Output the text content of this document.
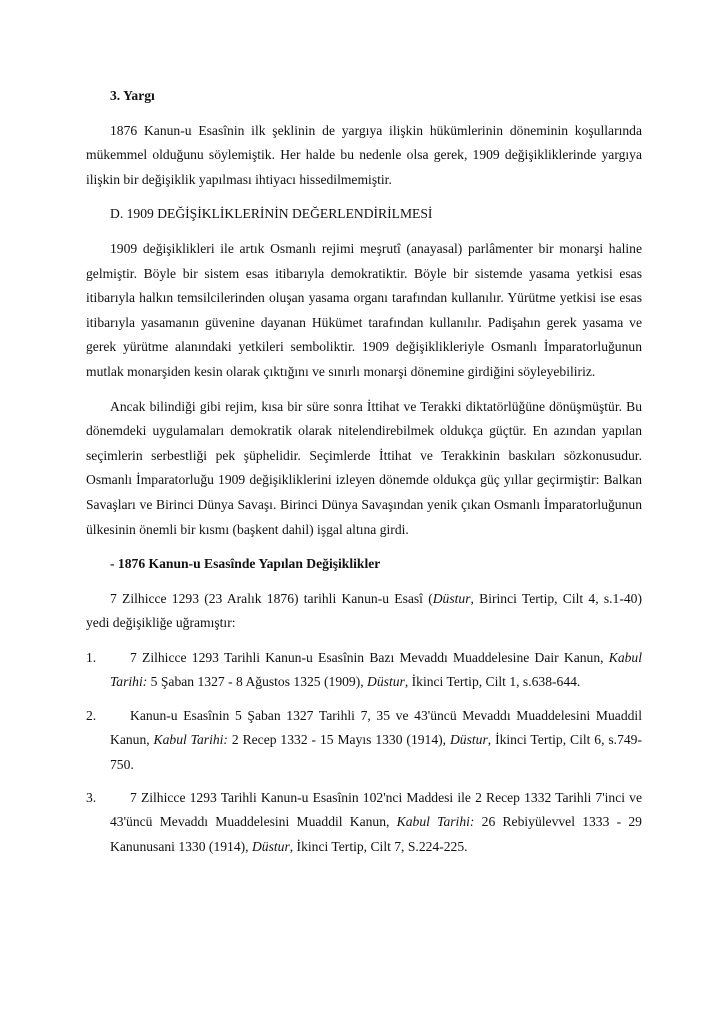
3. Yargı
1876 Kanun-u Esasînin ilk şeklinin de yargıya ilişkin hükümlerinin döneminin koşullarında mükemmel olduğunu söylemiştik. Her halde bu nedenle olsa gerek, 1909 değişikliklerinde yargıya ilişkin bir değişiklik yapılması ihtiyacı hissedilmemiştir.
D. 1909 DEĞİŞİKLİKLERİNİN DEĞERLENDİRİLMESİ
1909 değişiklikleri ile artık Osmanlı rejimi meşrutî (anayasal) parlâmenter bir monarşi haline gelmiştir. Böyle bir sistem esas itibarıyla demokratiktir. Böyle bir sistemde yasama yetkisi esas itibarıyla halkın temsilcilerinden oluşan yasama organı tarafından kullanılır. Yürütme yetkisi ise esas itibarıyla yasamanın güvenine dayanan Hükümet tarafından kullanılır. Padişahın gerek yasama ve gerek yürütme alanındaki yetkileri semboliktir. 1909 değişiklikleriyle Osmanlı İmparatorluğunun mutlak monarşiden kesin olarak çıktığını ve sınırlı monarşi dönemine girdiğini söyleyebiliriz.
Ancak bilindiği gibi rejim, kısa bir süre sonra İttihat ve Terakki diktatörlüğüne dönüşmüştür. Bu dönemdeki uygulamaları demokratik olarak nitelendirebilmek oldukça güçtür. En azından yapılan seçimlerin serbestliği pek şüphelidir. Seçimlerde İttihat ve Terakkinin baskıları sözkonusudur. Osmanlı İmparatorluğu 1909 değişikliklerini izleyen dönemde oldukça güç yıllar geçirmiştir: Balkan Savaşları ve Birinci Dünya Savaşı. Birinci Dünya Savaşından yenik çıkan Osmanlı İmparatorluğunun ülkesinin önemli bir kısmı (başkent dahil) işgal altına girdi.
- 1876 Kanun-u Esasînde Yapılan Değişiklikler
7 Zilhicce 1293 (23 Aralık 1876) tarihli Kanun-u Esasî (Düstur, Birinci Tertip, Cilt 4, s.1-40) yedi değişikliğe uğramıştır:
1.	7 Zilhicce 1293 Tarihli Kanun-u Esasînin Bazı Mevaddı Muaddelesine Dair Kanun, Kabul Tarihi: 5 Şaban 1327 - 8 Ağustos 1325 (1909), Düstur, İkinci Tertip, Cilt 1, s.638-644.
2.	Kanun-u Esasînin 5 Şaban 1327 Tarihli 7, 35 ve 43'üncü Mevaddı Muaddelesini Muaddil Kanun, Kabul Tarihi: 2 Recep 1332 - 15 Mayıs 1330 (1914), Düstur, İkinci Tertip, Cilt 6, s.749-750.
3.	7 Zilhicce 1293 Tarihli Kanun-u Esasînin 102'nci Maddesi ile 2 Recep 1332 Tarihli 7'inci ve 43'üncü Mevaddı Muaddelesini Muaddil Kanun, Kabul Tarihi: 26 Rebiyülevvel 1333 - 29 Kanunusani 1330 (1914), Düstur, İkinci Tertip, Cilt 7, S.224-225.
